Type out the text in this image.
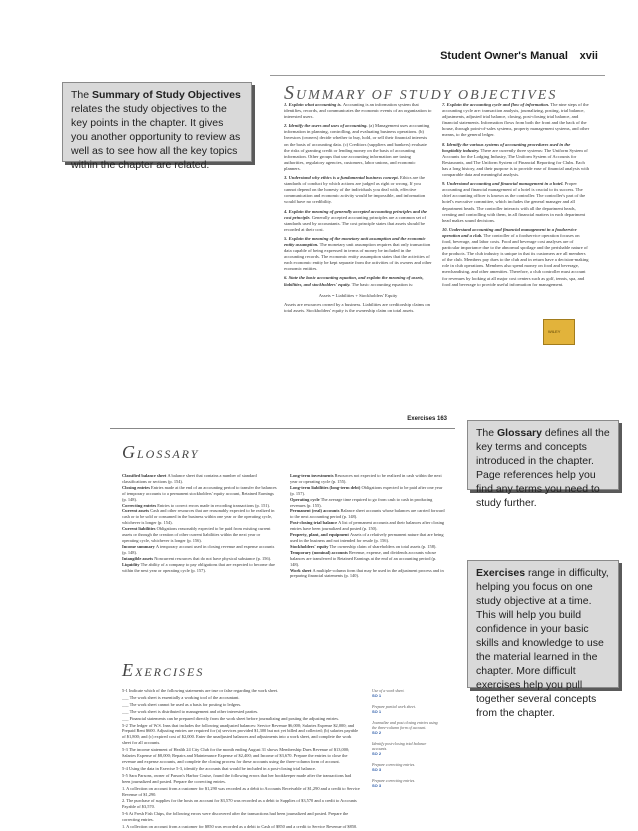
Student Owner's Manual xvii
The Summary of Study Objectives relates the study objectives to the key points in the chapter. It gives you another opportunity to review as well as to see how all the key topics within the chapter are related.
SUMMARY OF STUDY OBJECTIVES

1. Explain what accounting is. Accounting is an information system that identifies, records, and communicates the economic events of an organization to interested users.

2. Identify the users and uses of accounting. (a) Management uses accounting information in planning, controlling, and evaluating business operations. (b) Investors (owners) decide whether to buy, hold, or sell their financial interests on the basis of accounting data. (c) Creditors (suppliers and bankers) evaluate the risks of granting credit or lending money on the basis of accounting information. Other groups that use accounting information are taxing authorities, regulatory agencies, customers, labor unions, and economic planners.

3. Understand why ethics is a fundamental business concept. Ethics are the standards of conduct by which actions are judged as right or wrong. If you cannot depend on the honesty of the individuals you deal with, effective communication and economic activity would be impossible, and information would have no credibility.

4. Explain the meaning of generally accepted accounting principles and the cost principle. Generally accepted accounting principles are a common set of standards used by accountants. The cost principle states that assets should be recorded at their cost.

5. Explain the meaning of the monetary unit assumption and the economic entity assumption. The monetary unit assumption requires that only transaction data capable of being expressed in terms of money be included in the accounting records. The economic entity assumption states that the activities of each economic entity be kept separate from the activities of its owners and other economic entities.

6. State the basic accounting equation, and explain the meaning of assets, liabilities, and stockholders' equity. The basic accounting equation is:

Assets = Liabilities + Stockholders' Equity

Assets are resources owned by a business. Liabilities are creditorship claims on total assets. Stockholders' equity is the ownership claim on total assets.

7. Explain the accounting cycle and flow of information. The nine steps of the accounting cycle are: transaction analysis, journalizing, posting, trial balance, adjustments, adjusted trial balance, closing, post-closing trial balance, and financial statements. Information flows from both the front and the back of the house, through point-of-sales systems, property management systems, and other means, to the general ledger.

8. Identify the various systems of accounting procedures used in the hospitality industry. There are currently three systems: The Uniform System of Accounts for the Lodging Industry, The Uniform System of Accounts for Restaurants, and The Uniform System of Financial Reporting for Clubs. Each has a long history, and their purpose is to provide ease of financial analysis with comparable data and meaningful analysis.

9. Understand accounting and financial management in a hotel. Proper accounting and financial management of a hotel is crucial to its success. The chief accounting officer is known as the controller. The controller's part of the hotel's executive committee, which includes the general manager and all department heads. The controller interacts with all the department heads, creating and controlling with them, in all financial matters in each department head makes sound decisions.

10. Understand accounting and financial management in a foodservice operation and a club. The controller of a foodservice operation focuses on food, beverage, and labor costs. Food and beverage cost analyses are of particular importance due to the abnormal spoilage and the perishable nature of the products. The club industry is unique in that its customers are all members of the club. Members pay dues to the club and in return have a decision-making role in club operations. Members also spend money on food and beverage, merchandising, and other amenities. Therefore, a club controller must account for revenues by looking at all major cost centers such as golf, tennis, spa, and food and beverage to provide useful information for management.

WILEY
The Glossary defines all the key terms and concepts introduced in the chapter. Page references help you find any terms you need to study further.
Exercises range in difficulty, helping you focus on one study objective at a time. This will help you build confidence in your basic skills and knowledge to use the material learned in the chapter. More difficult exercises help you pull together several concepts from the chapter.
Exercises 163
GLOSSARY
Classified balance sheet A balance sheet that contains a number of standard classifications or sections (p. 154).
Closing entries Entries made at the end of an accounting period to transfer the balances of temporary accounts to a permanent stockholders' equity account, Retained Earnings (p. 148).
Correcting entries Entries to correct errors made in recording transactions (p. 151).
Current assets Cash and other resources that are reasonably expected to be realized in cash or to be sold or consumed in the business within one year or the operating cycle, whichever is longer (p. 154).
Current liabilities Obligations reasonably expected to be paid from existing current assets or through the creation of other current liabilities within the next year or operating cycle, whichever is longer (p. 156).
Income summary A temporary account used in closing revenue and expense accounts (p. 148).
Intangible assets Noncurrent resources that do not have physical substance (p. 156).
Liquidity The ability of a company to pay obligations that are expected to become due within the next year or operating cycle (p. 157).
Long-term investments Resources not expected to be realized in cash within the next year or operating cycle (p. 155).
Long-term liabilities (long-term debt) Obligations expected to be paid after one year (p. 157).
Operating cycle The average time required to go from cash to cash in producing revenues (p. 155).
Permanent (real) accounts Balance sheet accounts whose balances are carried forward to the next accounting period (p. 148).
Post-closing trial balance A list of permanent accounts and their balances after closing entries have been journalized and posted (p. 150).
Property, plant, and equipment Assets of a relatively permanent nature that are being used in the business and not intended for resale (p. 156).
Stockholders' equity The ownership claim of shareholders on total assets (p. 158).
Temporary (nominal) accounts Revenue, expense, and dividends accounts whose balances are transferred to Retained Earnings at the end of an accounting period (p. 148).
Work sheet A multiple-column form that may be used in the adjustment process and in preparing financial statements (p. 140).
EXERCISES

5-1 Indicate which of the following statements are true or false regarding the work sheet.

___ The work sheet is essentially a working tool of the accountant.

___ The work sheet cannot be used as a basis for posting to ledgers.

___ The work sheet is distributed to management and other interested parties.

___ Financial statements can be prepared directly from the work sheet before journalizing and posting the adjusting entries.

5-2 The ledger of W.S. Inns that includes the following unadjusted balances: Service Revenue $6,000; Salaries Expense $2,000; and Prepaid Rent $600. Adjusting entries are required for (a) services provided $1,300 but not yet billed and collected; (b) salaries payable of $1,800; and (c) expired cost of $2,000. Enter the unadjusted balances and adjustments into a work sheet, and complete the work sheet for all accounts.

5-3 The income statement of Health 24 City Club for the month ending August 31 shows Membership Dues Revenue of $13,000; Salaries Expense of $8,000; Repairs and Maintenance Expense of $2,400; and Income of $3,670. Prepare the entries to close the revenue and expense accounts, and complete the closing process for these accounts using the three-column form of account.

5-4 Using the data in Exercise 5-3, identify the accounts that would be included in a post-closing trial balance.

5-5 Sara Parsons, owner of Parson's Harbor Cruise, found the following errors that her bookkeeper made after the transactions had been journalized and posted. Prepare the correcting entries.

1. A collection on account from a customer for $1,290 was recorded as a debit to Accounts Receivable of $1,290 and a credit to Service Revenue of $1,290.

2. The purchase of supplies for the hosts on account for $3,570 was recorded as a debit to Supplies of $3,570 and a credit to Accounts Payable of $3,570.

5-6 At Fresh Fish Chips, the following errors were discovered after the transactions had been journalized and posted. Prepare the correcting entries.

1. A collection on account from a customer for $850 was recorded as a debit to Cash of $850 and a credit to Service Revenue of $850.

Use of a work sheet.
SO 1
Prepare partial work sheet.
SO 1
Journalize and post closing entries using the three-column form of account.
SO 2
Identify post-closing trial balance accounts.
SO 2
Prepare correcting entries.
SO 3
Prepare correcting entries.
SO 3
